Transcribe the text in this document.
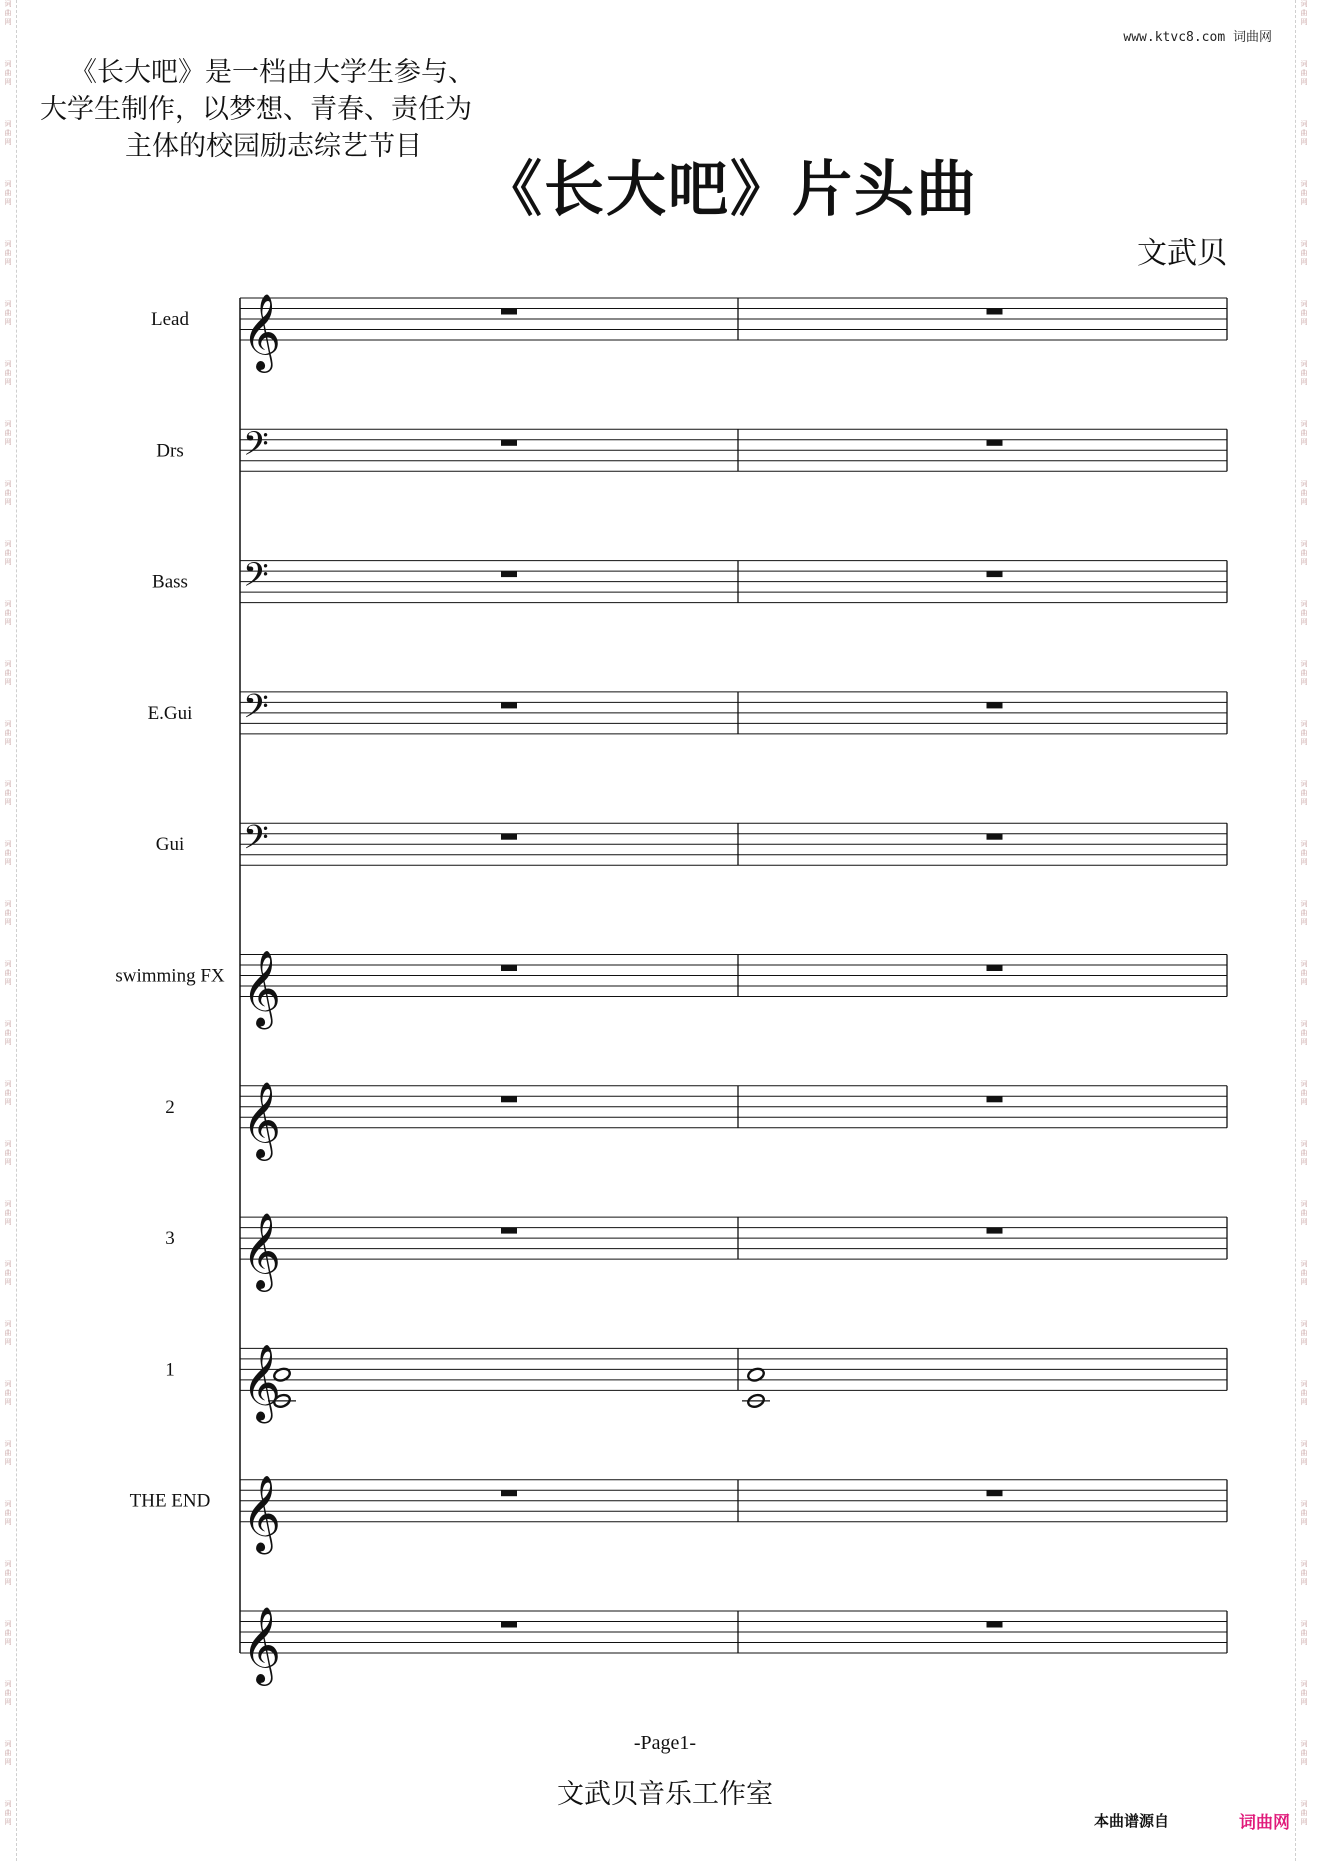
词
曲
网
词
曲
网
词
曲
网
词
曲
网
词
曲
网
词
曲
网
词
曲
网
词
曲
网
词
曲
网
词
曲
网
词
曲
网
词
曲
网
词
曲
网
词
曲
网
词
曲
网
词
曲
网
词
曲
网
词
曲
网
词
曲
网
词
曲
网
词
曲
网
词
曲
网
词
曲
网
词
曲
网
词
曲
网
词
曲
网
词
曲
网
词
曲
网
词
曲
网
词
曲
网
词
曲
网
词
曲
网
词
曲
网
词
曲
网
词
曲
网
词
曲
网
词
曲
网
词
曲
网
词
曲
网
词
曲
网
词
曲
网
词
曲
网
词
曲
网
词
曲
网
词
曲
网
词
曲
网
词
曲
网
词
曲
网
词
曲
网
词
曲
网
词
曲
网
词
曲
网
词
曲
网
词
曲
网
词
曲
网
词
曲
网
词
曲
网
词
曲
网
词
曲
网
词
曲
网
词
曲
网
词
曲
网
www.ktvc8.com 词曲网
《长大吧》是一档由大学生参与、
大学生制作，以梦想、青春、责任为
主体的校园励志综艺节目
《长大吧》片头曲
文武贝
Lead 𝄞
Drs 𝄢
Bass 𝄢
E.Gui 𝄢
Gui 𝄢
swimming FX 𝄞
2 𝄞
3 𝄞
1 𝄞
THE END 𝄞
𝄞
-Page1-
文武贝音乐工作室
本曲谱源自	词曲网
